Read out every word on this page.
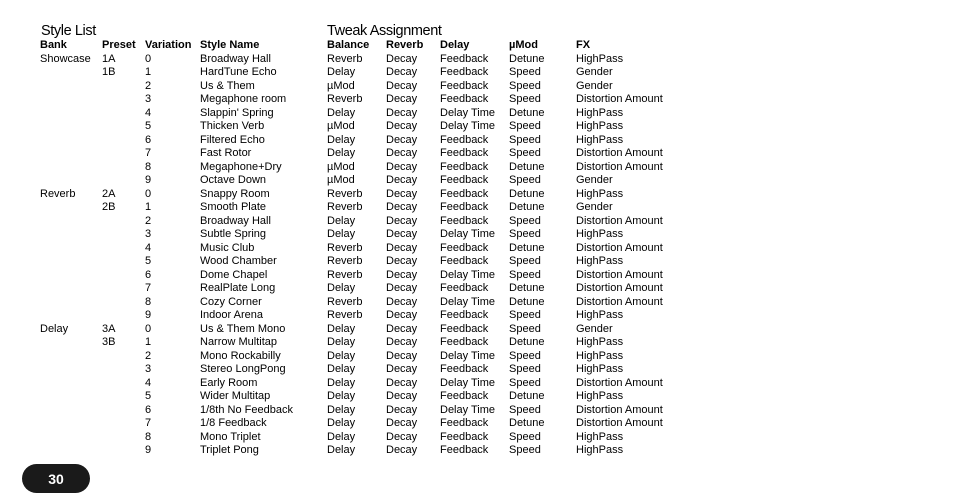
Style List	Tweak Assignment
Bank	Preset	Variation	Style Name	Balance	Reverb	Delay	µMod	FX
Showcase	1A	0	Broadway Hall	Reverb	Decay	Feedback	Detune	HighPass
	1B	1	HardTune Echo	Delay	Decay	Feedback	Speed	Gender
		2	Us & Them	µMod	Decay	Feedback	Speed	Gender
		3	Megaphone room	Reverb	Decay	Feedback	Speed	Distortion Amount
		4	Slappin' Spring	Delay	Decay	Delay Time	Detune	HighPass
		5	Thicken Verb	µMod	Decay	Delay Time	Speed	HighPass
		6	Filtered Echo	Delay	Decay	Feedback	Speed	HighPass
		7	Fast Rotor	Delay	Decay	Feedback	Speed	Distortion Amount
		8	Megaphone+Dry	µMod	Decay	Feedback	Detune	Distortion Amount
		9	Octave Down	µMod	Decay	Feedback	Speed	Gender
Reverb	2A	0	Snappy Room	Reverb	Decay	Feedback	Detune	HighPass
	2B	1	Smooth Plate	Reverb	Decay	Feedback	Detune	Gender
		2	Broadway Hall	Delay	Decay	Feedback	Speed	Distortion Amount
		3	Subtle Spring	Delay	Decay	Delay Time	Speed	HighPass
		4	Music Club	Reverb	Decay	Feedback	Detune	Distortion Amount
		5	Wood Chamber	Reverb	Decay	Feedback	Speed	HighPass
		6	Dome Chapel	Reverb	Decay	Delay Time	Speed	Distortion Amount
		7	RealPlate Long	Delay	Decay	Feedback	Detune	Distortion Amount
		8	Cozy Corner	Reverb	Decay	Delay Time	Detune	Distortion Amount
		9	Indoor Arena	Reverb	Decay	Feedback	Speed	HighPass
Delay	3A	0	Us & Them Mono	Delay	Decay	Feedback	Speed	Gender
	3B	1	Narrow Multitap	Delay	Decay	Feedback	Detune	HighPass
		2	Mono Rockabilly	Delay	Decay	Delay Time	Speed	HighPass
		3	Stereo LongPong	Delay	Decay	Feedback	Speed	HighPass
		4	Early Room	Delay	Decay	Delay Time	Speed	Distortion Amount
		5	Wider Multitap	Delay	Decay	Feedback	Detune	HighPass
		6	1/8th No Feedback	Delay	Decay	Delay Time	Speed	Distortion Amount
		7	1/8 Feedback	Delay	Decay	Feedback	Detune	Distortion Amount
		8	Mono Triplet	Delay	Decay	Feedback	Speed	HighPass
		9	Triplet Pong	Delay	Decay	Feedback	Speed	HighPass
30
